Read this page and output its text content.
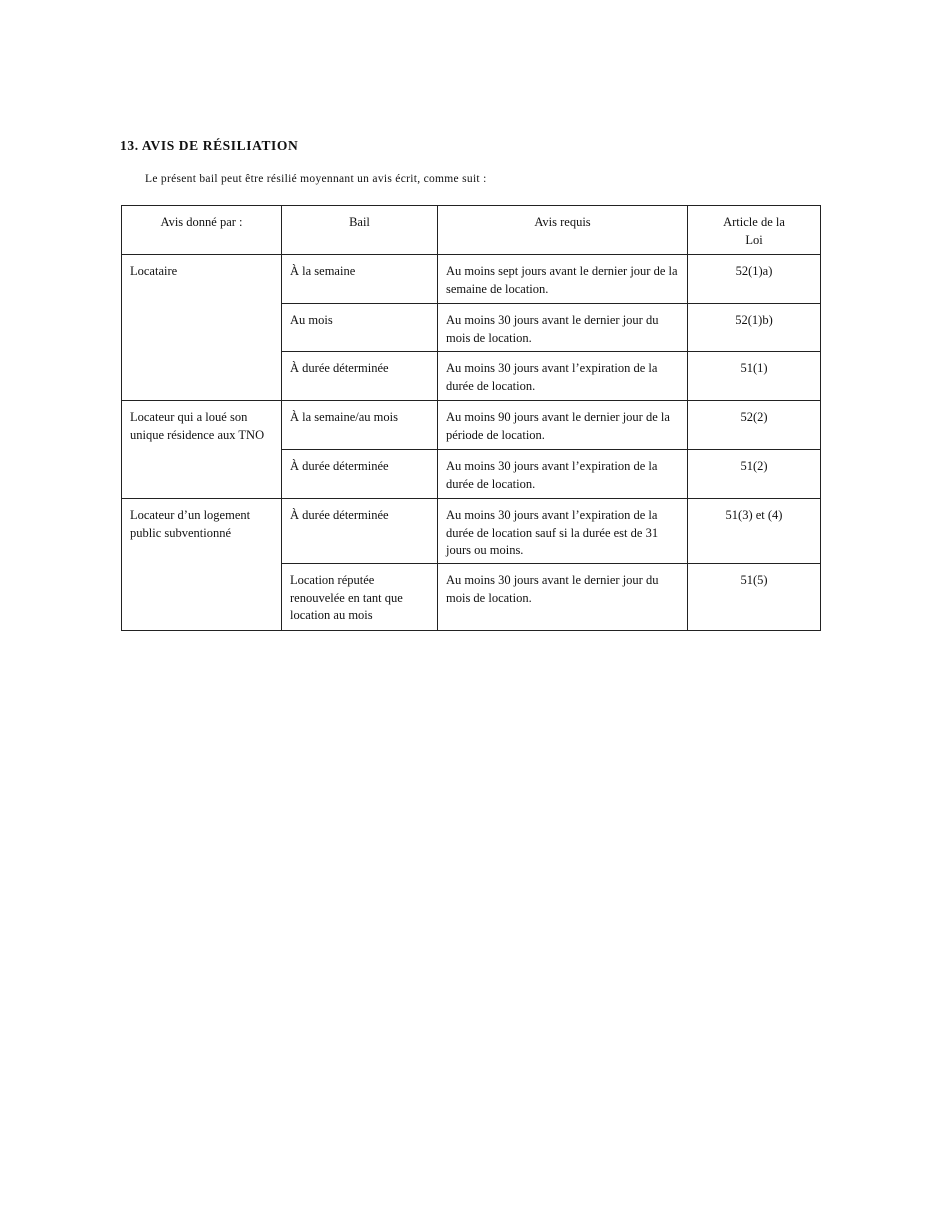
13. AVIS DE RÉSILIATION
Le présent bail peut être résilié moyennant un avis écrit, comme suit :
Avis donné par :	Bail	Avis requis	Article de la Loi
Locataire	À la semaine	Au moins sept jours avant le dernier jour de la semaine de location.	52(1)a)
	Au mois	Au moins 30 jours avant le dernier jour du mois de location.	52(1)b)
	À durée déterminée	Au moins 30 jours avant l’expiration de la durée de location.	51(1)
Locateur qui a loué son unique résidence aux TNO	À la semaine/au mois	Au moins 90 jours avant le dernier jour de la période de location.	52(2)
	À durée déterminée	Au moins 30 jours avant l’expiration de la durée de location.	51(2)
Locateur d’un logement public subventionné	À durée déterminée	Au moins 30 jours avant l’expiration de la durée de location sauf si la durée est de 31 jours ou moins.	51(3) et (4)
	Location réputée renouvelée en tant que location au mois	Au moins 30 jours avant le dernier jour du mois de location.	51(5)
